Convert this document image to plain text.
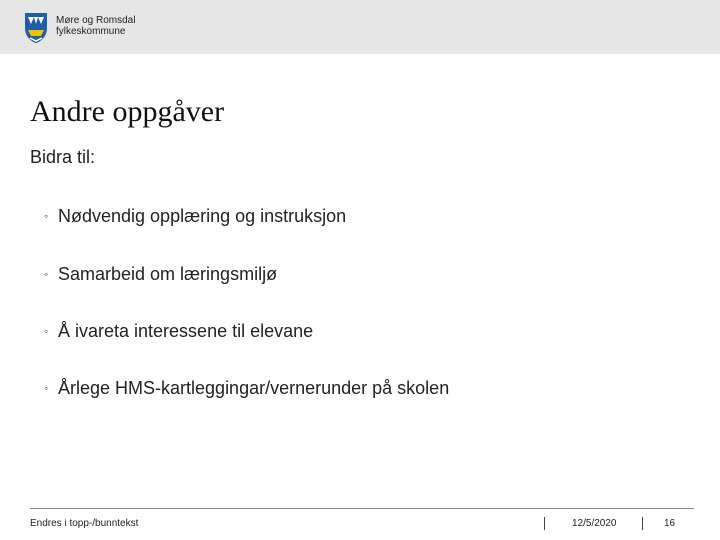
Møre og Romsdal
fylkeskommune
Andre oppgåver
Bidra til:
◦ Nødvendig opplæring og instruksjon
◦ Samarbeid om læringsmiljø
◦ Å ivareta interessene til elevane
◦ Årlege HMS-kartleggingar/vernerunder på skolen
Endres i topp-/bunntekst	12/5/2020	16
